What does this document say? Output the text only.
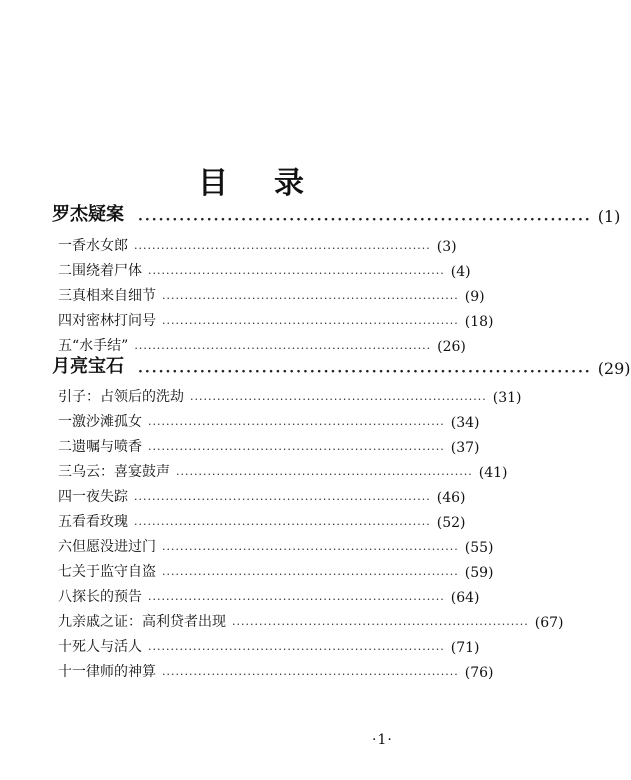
目 录
罗杰疑案 ·································································· (1)
一 香水女郎 ·································································· (3)
二 围绕着尸体 ·································································· (4)
三 真相来自细节 ·································································· (9)
四 对密林打问号 ·································································· (18)
五 “水手结” ·································································· (26)
月亮宝石 ·································································· (29)
引子： 占领后的洗劫 ·································································· (31)
一 激沙滩孤女 ·································································· (34)
二 遗嘱与喷香 ·································································· (37)
三 乌云：喜宴鼓声 ·································································· (41)
四 一夜失踪 ·································································· (46)
五 看看玫瑰 ·································································· (52)
六 但愿没进过门 ·································································· (55)
七 关于监守自盗 ·································································· (59)
八 探长的预告 ·································································· (64)
九 亲戚之证：高利贷者出现 ·································································· (67)
十 死人与活人 ·································································· (71)
十一 律师的神算 ·································································· (76)
·1·
